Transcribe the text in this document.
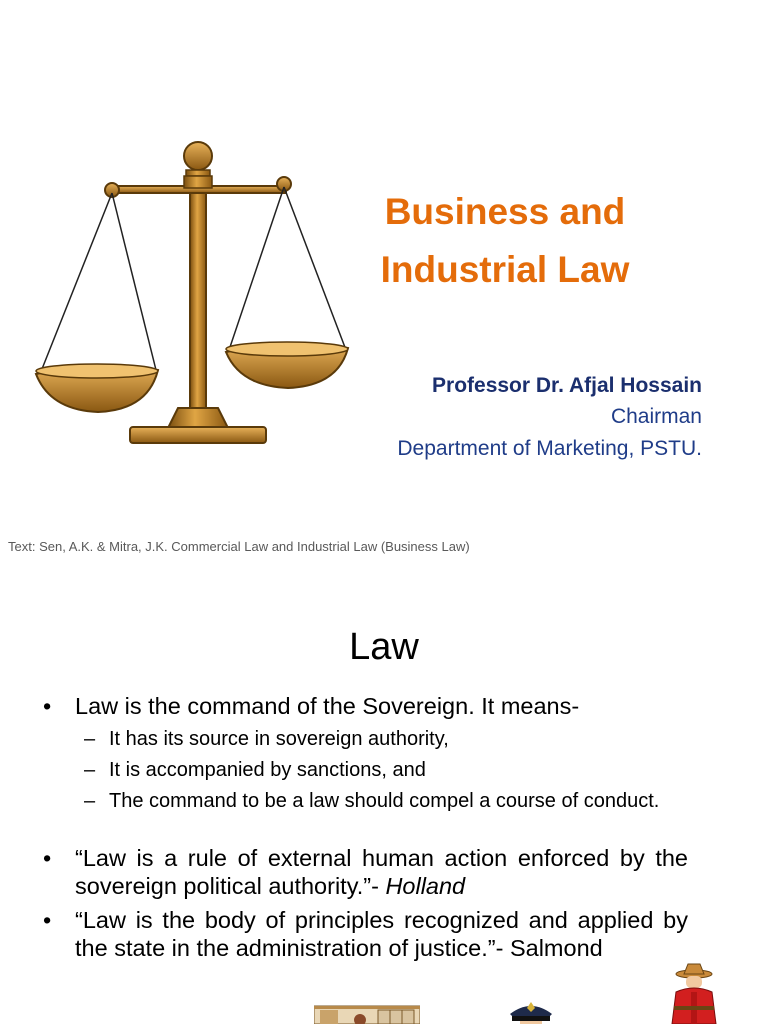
Business and
Industrial Law
Professor Dr. Afjal Hossain
Chairman
Department of Marketing, PSTU.
Text: Sen, A.K. & Mitra, J.K. Commercial Law and Industrial Law (Business Law)
Law
• Law is the command of the Sovereign. It means-
– It has its source in sovereign authority,
– It is accompanied by sanctions, and
– The command to be a law should compel a course of conduct.
• “Law is a rule of external human action enforced by the sovereign political authority.”- Holland
• “Law is the body of principles recognized and applied by the state in the administration of justice.”- Salmond
